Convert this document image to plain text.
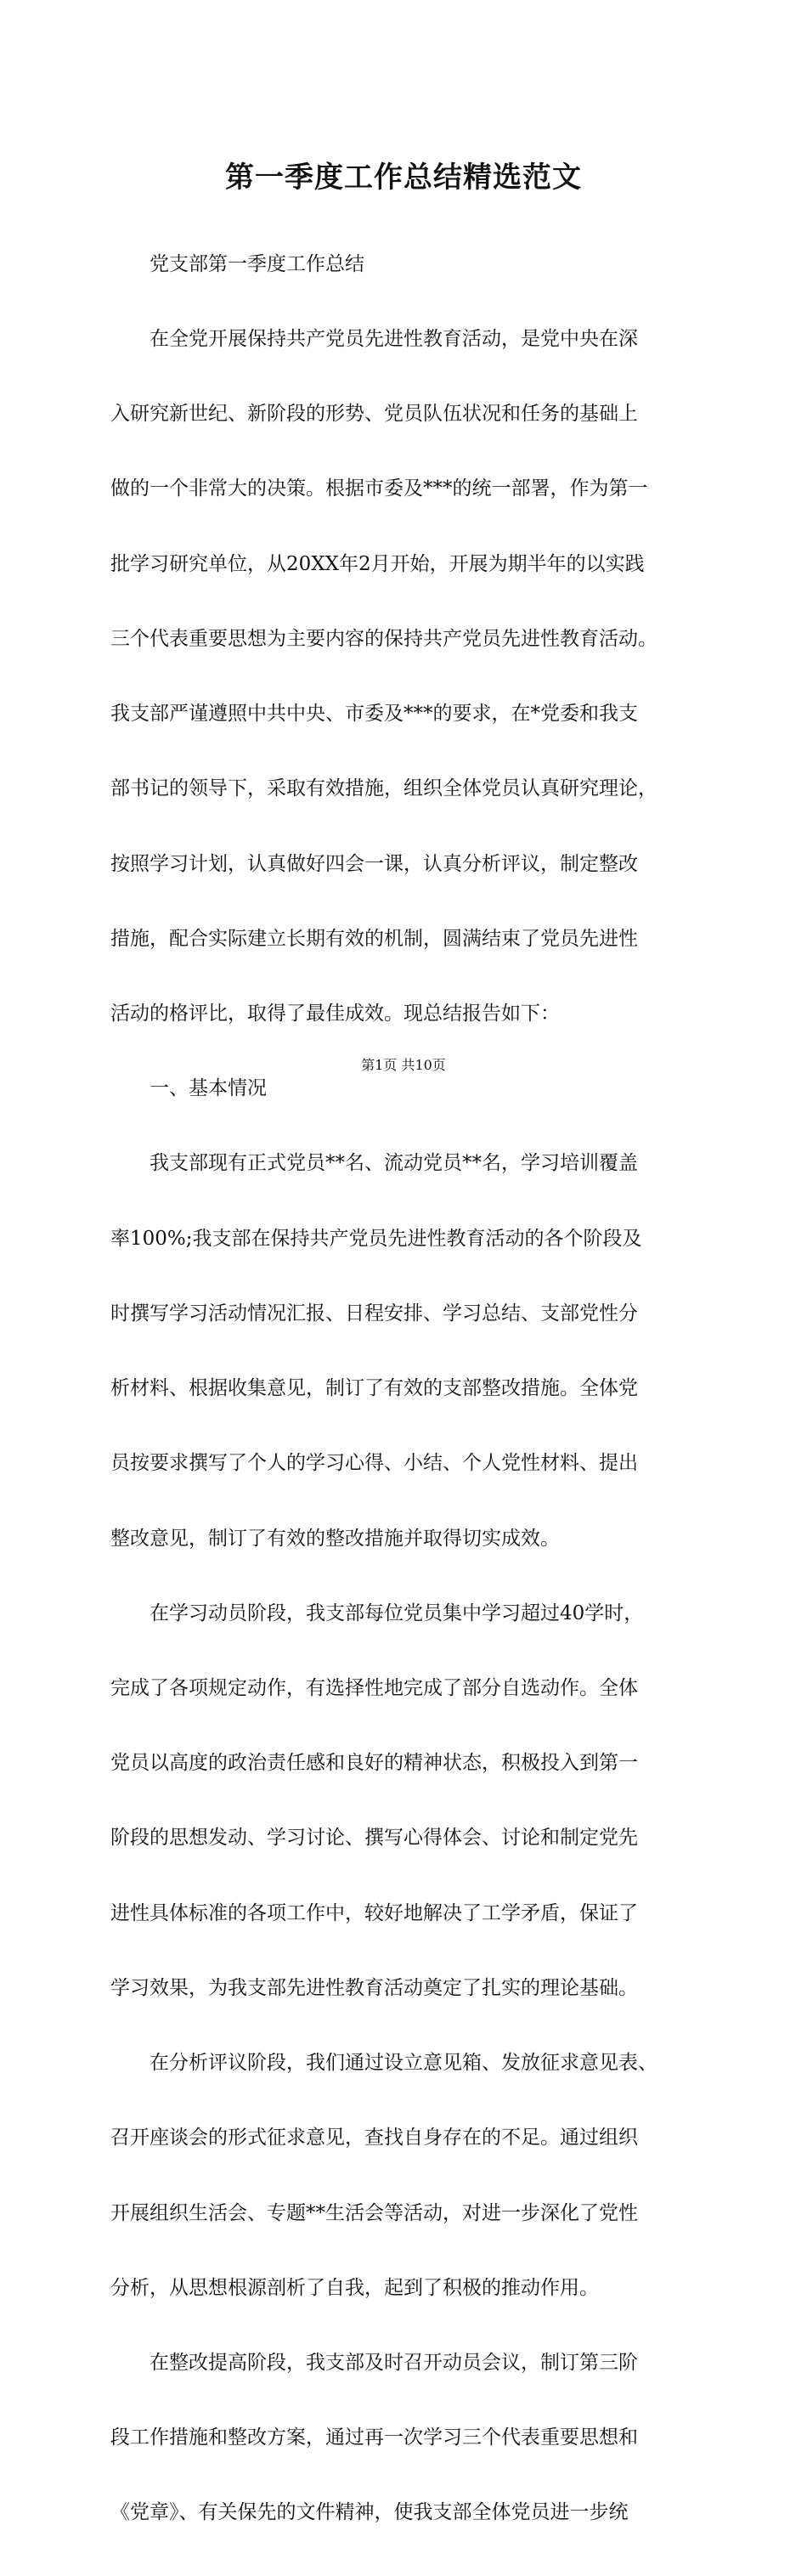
第一季度工作总结精选范文

　　党支部第一季度工作总结

　　在全党开展保持共产党员先进性教育活动，是党中央在深

入研究新世纪、新阶段的形势、党员队伍状况和任务的基础上

做的一个非常大的决策。根据市委及***的统一部署，作为第一

批学习研究单位，从20XX年2月开始，开展为期半年的以实践

三个代表重要思想为主要内容的保持共产党员先进性教育活动。

我支部严谨遵照中共中央、市委及***的要求，在*党委和我支

部书记的领导下，采取有效措施，组织全体党员认真研究理论，

按照学习计划，认真做好四会一课，认真分析评议，制定整改

措施，配合实际建立长期有效的机制，圆满结束了党员先进性

活动的格评比，取得了最佳成效。现总结报告如下：

　　一、基本情况

　　我支部现有正式党员**名、流动党员**名，学习培训覆盖

率100%;我支部在保持共产党员先进性教育活动的各个阶段及

时撰写学习活动情况汇报、日程安排、学习总结、支部党性分

析材料、根据收集意见，制订了有效的支部整改措施。全体党

员按要求撰写了个人的学习心得、小结、个人党性材料、提出

整改意见，制订了有效的整改措施并取得切实成效。

　　在学习动员阶段，我支部每位党员集中学习超过40学时，

完成了各项规定动作，有选择性地完成了部分自选动作。全体

党员以高度的政治责任感和良好的精神状态，积极投入到第一

阶段的思想发动、学习讨论、撰写心得体会、讨论和制定党先

进性具体标准的各项工作中，较好地解决了工学矛盾，保证了

学习效果，为我支部先进性教育活动奠定了扎实的理论基础。

　　在分析评议阶段，我们通过设立意见箱、发放征求意见表、

召开座谈会的形式征求意见，查找自身存在的不足。通过组织

开展组织生活会、专题**生活会等活动，对进一步深化了党性

分析，从思想根源剖析了自我，起到了积极的推动作用。

　　在整改提高阶段，我支部及时召开动员会议，制订第三阶

段工作措施和整改方案，通过再一次学习三个代表重要思想和

《党章》、有关保先的文件精神，使我支部全体党员进一步统

第1页 共10页
